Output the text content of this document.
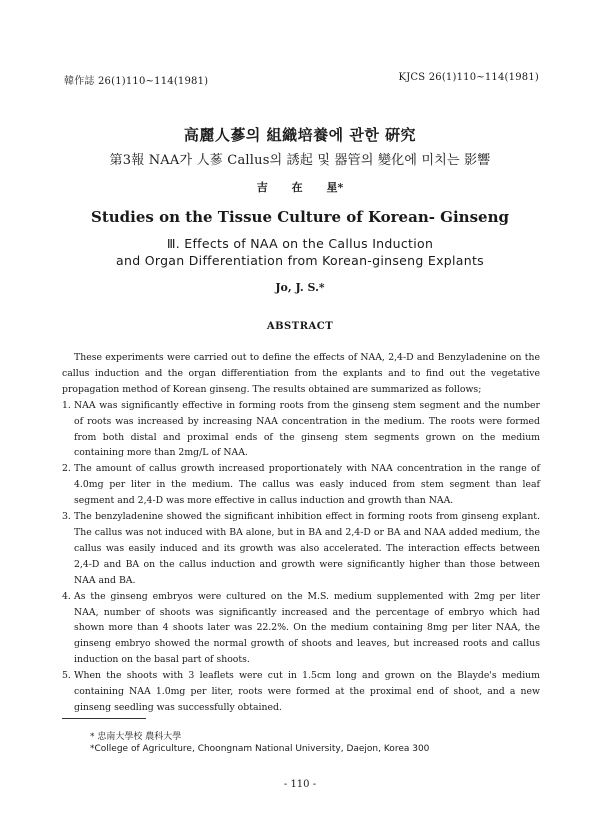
韓作誌 26(1)110~114(1981)	KJCS 26(1)110~114(1981)
高麗人蔘의 組織培養에 관한 硏究
第3報 NAA가 人蔘 Callus의 誘起 및 器管의 變化에 미치는 影響
吉 在 星*
Studies on the Tissue Culture of Korean- Ginseng
Ⅲ. Effects of NAA on the Callus Induction
and Organ Differentiation from Korean-ginseng Explants
Jo, J. S.*
ABSTRACT

These experiments were carried out to define the effects of NAA, 2,4-D and Benzyladenine on the callus induction and the organ differentiation from the explants and to find out the vegetative propagation method of Korean ginseng. The results obtained are summarized as follows;

1. NAA was significantly effective in forming roots from the ginseng stem segment and the number of roots was increased by increasing NAA concentration in the medium. The roots were formed from both distal and proximal ends of the ginseng stem segments grown on the medium containing more than 2mg/L of NAA.
2. The amount of callus growth increased proportionately with NAA concentration in the range of 4.0mg per liter in the medium. The callus was easly induced from stem segment than leaf segment and 2,4-D was more effective in callus induction and growth than NAA.
3. The benzyladenine showed the significant inhibition effect in forming roots from ginseng explant. The callus was not induced with BA alone, but in BA and 2,4-D or BA and NAA added medium, the callus was easily induced and its growth was also accelerated. The interaction effects between 2,4-D and BA on the callus induction and growth were significantly higher than those between NAA and BA.
4. As the ginseng embryos were cultured on the M.S. medium supplemented with 2mg per liter NAA, number of shoots was significantly increased and the percentage of embryo which had shown more than 4 shoots later was 22.2%. On the medium containing 8mg per liter NAA, the ginseng embryo showed the normal growth of shoots and leaves, but increased roots and callus induction on the basal part of shoots.
5. When the shoots with 3 leaflets were cut in 1.5cm long and grown on the Blayde's medium containing NAA 1.0mg per liter, roots were formed at the proximal end of shoot, and a new ginseng seedling was successfully obtained.
* 忠南大學校 農科大學
*College of Agriculture, Choongnam National University, Daejon, Korea 300
- 110 -
